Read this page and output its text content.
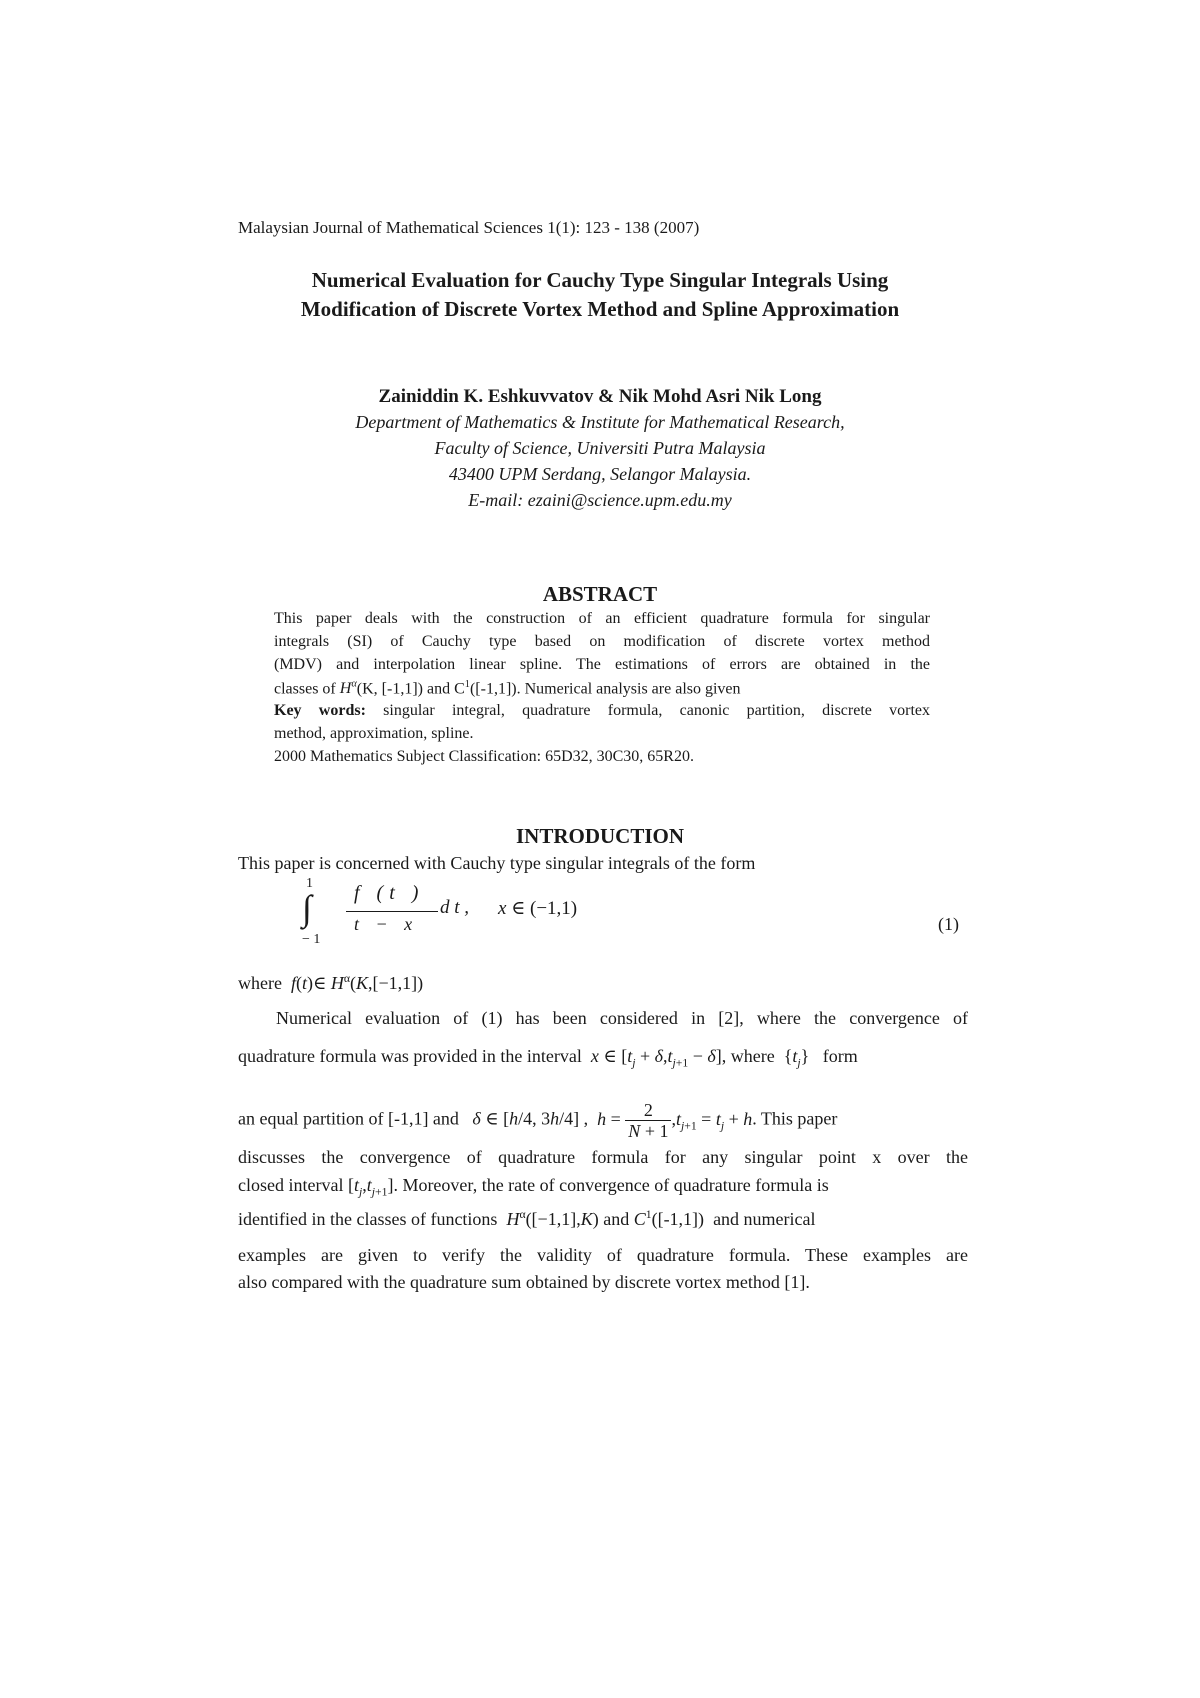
Malaysian Journal of Mathematical Sciences 1(1): 123 - 138 (2007)
Numerical Evaluation for Cauchy Type Singular Integrals Using
Modification of Discrete Vortex Method and Spline Approximation
Zainiddin K. Eshkuvvatov & Nik Mohd Asri Nik Long
Department of Mathematics & Institute for Mathematical Research,
Faculty of Science, Universiti Putra Malaysia
43400 UPM Serdang, Selangor Malaysia.
E-mail: ezaini@science.upm.edu.my
ABSTRACT
This paper deals with the construction of an efficient quadrature formula for singular
integrals (SI) of Cauchy type based on modification of discrete vortex method
(MDV) and interpolation linear spline. The estimations of errors are obtained in the
classes of $H^\alpha(K$, [-1,1]) and $C^1([-1,1])$. Numerical analysis are also given
Key words: singular integral, quadrature formula, canonic partition, discrete vortex
method, approximation, spline.
2000 Mathematics Subject Classification: 65D32, 30C30, 65R20.
INTRODUCTION
This paper is concerned with Cauchy type singular integrals of the form
1
∫
− 1
f (t )
t − x
d t , x ∈ (−1,1)
(1)
where f(t)∈ $H^\alpha(K,[-1,1])$
Numerical evaluation of (1) has been considered in [2], where the convergence of
quadrature formula was provided in the interval x ∈ $[t_j + \delta,t_{j+1} - \delta]$, where  $\{t_j\}$   form
an equal partition of [-1,1] and δ ∈ [h/4, 3h/4] ,  $h = \frac{2}{N + 1} ,t_{j+1} = t_j + h$. This paper
discusses the convergence of quadrature formula for any singular point x over the
closed interval $[t_j,t_{j+1}]$. Moreover, the rate of convergence of quadrature formula is
identified in the classes of functions $H^\alpha([-1,1],K)$ and $C^1([-1,1])$ and numerical
examples are given to verify the validity of quadrature formula. These examples are
also compared with the quadrature sum obtained by discrete vortex method [1].
